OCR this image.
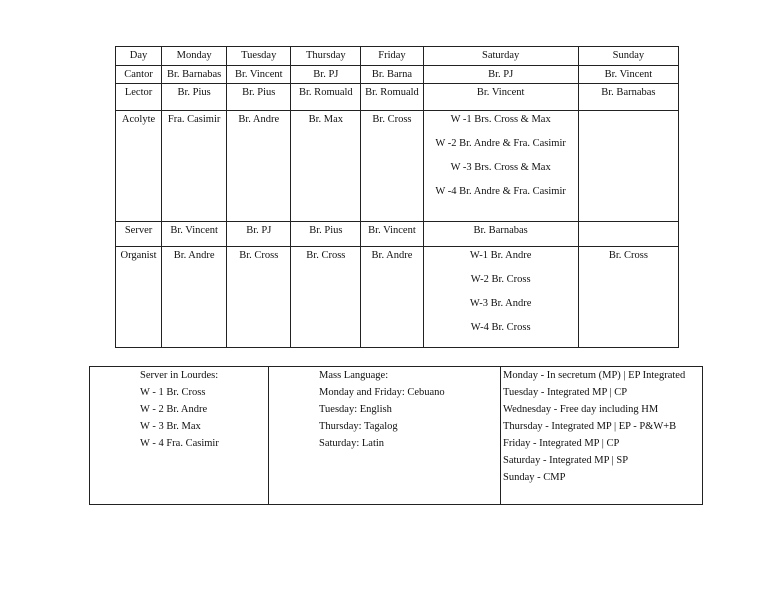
Day	Monday	Tuesday	Thursday	Friday	Saturday	Sunday
Cantor	Br. Barnabas	Br. Vincent	Br. PJ	Br. Barna	Br. PJ	Br. Vincent
Lector	Br. Pius	Br. Pius	Br. Romuald	Br. Romuald	Br. Vincent	Br. Barnabas
Acolyte	Fra. Casimir	Br. Andre	Br. Max	Br. Cross	W -1 Brs. Cross & Max
W -2 Br. Andre & Fra. Casimir
W -3 Brs. Cross & Max
W -4 Br. Andre & Fra. Casimir	

Server	Br. Vincent	Br. PJ	Br. Pius	Br. Vincent	Br. Barnabas	
Organist	Br. Andre	Br. Cross	Br. Cross	Br. Andre	W-1 Br. Andre
W-2 Br. Cross
W-3 Br. Andre
W-4 Br. Cross	Br. Cross
Server in Lourdes:
W - 1 Br. Cross
W - 2 Br. Andre
W - 3 Br. Max
W - 4 Fra. Casimir

Mass Language:
Monday and Friday: Cebuano
Tuesday: English
Thursday: Tagalog
Saturday: Latin

Monday - In secretum (MP) | EP Integrated
Tuesday - Integrated MP | CP
Wednesday - Free day including HM
Thursday - Integrated MP | EP - P&W+B
Friday - Integrated MP | CP
Saturday - Integrated MP | SP
Sunday - CMP
